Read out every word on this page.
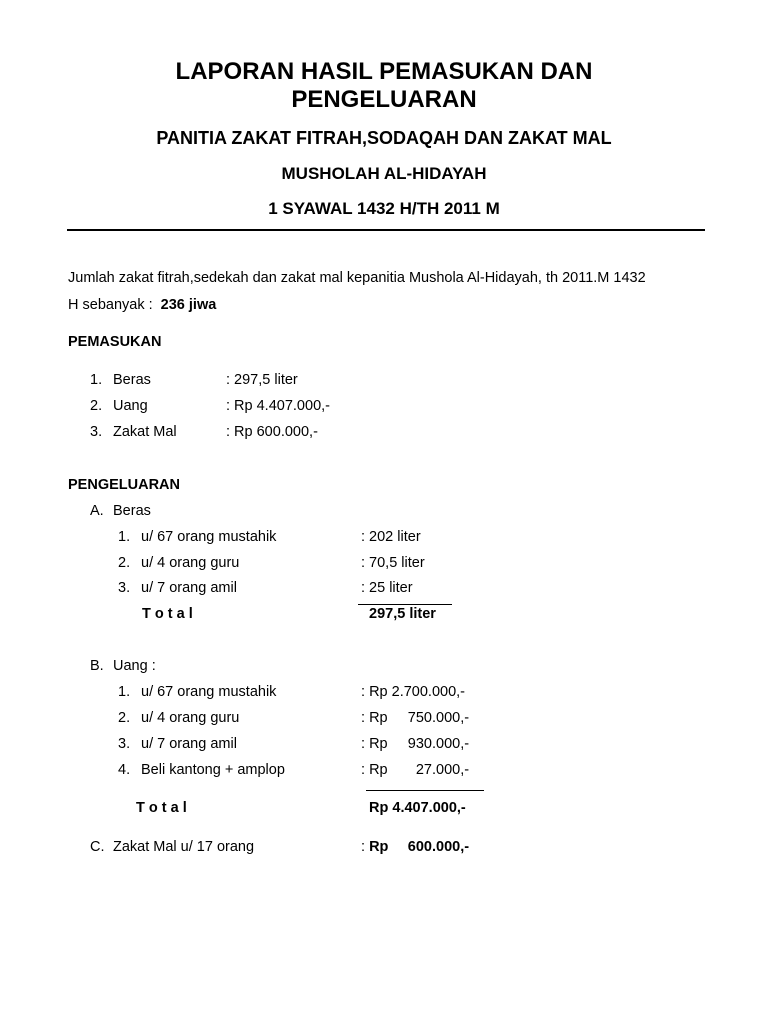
LAPORAN HASIL PEMASUKAN DAN
PENGELUARAN
PANITIA ZAKAT FITRAH,SODAQAH DAN ZAKAT MAL
MUSHOLAH AL-HIDAYAH
1 SYAWAL 1432 H/TH 2011 M
Jumlah zakat fitrah,sedekah dan zakat mal kepanitia Mushola Al-Hidayah, th 2011.M 1432
H sebanyak : 236 jiwa
PEMASUKAN
1. Beras	: 297,5 liter
2. Uang	: Rp 4.407.000,-
3. Zakat Mal	: Rp 600.000,-
PENGELUARAN
A. Beras
1. u/ 67 orang mustahik	: 202 liter
2. u/ 4 orang guru	: 70,5 liter
3. u/ 7 orang amil	: 25 liter
T o t a l	297,5 liter
B. Uang :
1. u/ 67 orang mustahik	: Rp 2.700.000,-
2. u/ 4 orang guru	: Rp 750.000,-
3. u/ 7 orang amil	: Rp 930.000,-
4. Beli kantong + amplop	: Rp 27.000,-
T o t a l	Rp 4.407.000,-
C. Zakat Mal u/ 17 orang	: Rp 600.000,-
